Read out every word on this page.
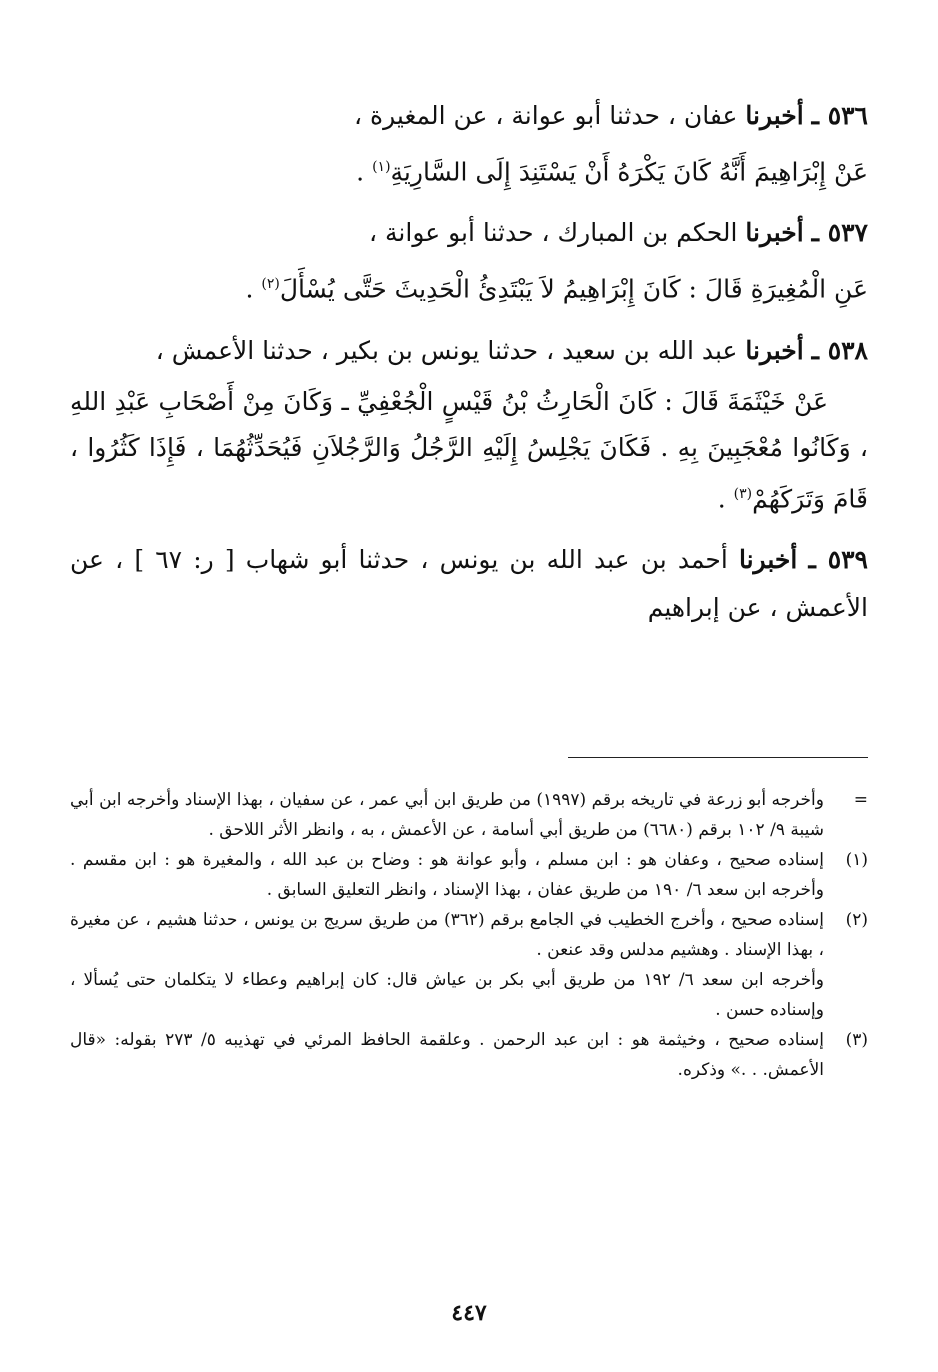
٥٣٦ ـ أخبرنا عفان ، حدثنا أبو عوانة ، عن المغيرة ،

عَنْ إِبْرَاهِيمَ أَنَّهُ كَانَ يَكْرَهُ أَنْ يَسْتَنِدَ إِلَى السَّارِيَةِ$^{(١)}$ .

٥٣٧ ـ أخبرنا الحكم بن المبارك ، حدثنا أبو عوانة ،

عَنِ الْمُغِيرَةِ قَالَ : كَانَ إِبْرَاهِيمُ لاَ يَبْتَدِئُ الْحَدِيثَ حَتَّى يُسْأَلَ$^{(٢)}$ .

٥٣٨ ـ أخبرنا عبد الله بن سعيد ، حدثنا يونس بن بكير ، حدثنا الأعمش ،

عَنْ خَيْثَمَةَ قَالَ : كَانَ الْحَارِثُ بْنُ قَيْسٍ الْجُعْفِيِّ ـ وَكَانَ مِنْ أَصْحَابِ عَبْدِ اللهِ ، وَكَانُوا مُعْجَبِينَ بِهِ . فَكَانَ يَجْلِسُ إِلَيْهِ الرَّجُلُ وَالرَّجُلاَنِ فَيُحَدِّثُهُمَا ، فَإِذَا كَثُرُوا ، قَامَ وَتَرَكَهُمْ$^{(٣)}$ .

٥٣٩ ـ أخبرنا أحمد بن عبد الله بن يونس ، حدثنا أبو شهاب [ ر: ٦٧ ] ، عن الأعمش ، عن إبراهيم

=

وأخرجه أبو زرعة في تاريخه برقم (١٩٩٧) من طريق ابن أبي عمر ، عن سفيان ، بهذا الإسناد وأخرجه ابن أبي شيبة ٩/ ١٠٢ برقم (٦٦٨٠) من طريق أبي أسامة ، عن الأعمش ، به ، وانظر الأثر اللاحق .

(١)

إسناده صحيح ، وعفان هو : ابن مسلم ، وأبو عوانة هو : وضاح بن عبد الله ، والمغيرة هو : ابن مقسم . وأخرجه ابن سعد ٦/ ١٩٠ من طريق عفان ، بهذا الإسناد ، وانظر التعليق السابق .

(٢)

إسناده صحيح ، وأخرج الخطيب في الجامع برقم (٣٦٢) من طريق سريج بن يونس ، حدثنا هشيم ، عن مغيرة ، بهذا الإسناد . وهشيم مدلس وقد عنعن .

وأخرجه ابن سعد ٦/ ١٩٢ من طريق أبي بكر بن عياش قال: كان إبراهيم وعطاء لا يتكلمان حتى يُسألا ، وإسناده حسن .

(٣)

إسناده صحيح ، وخيثمة هو : ابن عبد الرحمن . وعلقمة الحافظ المرئي في تهذيبه ٥/ ٢٧٣ بقوله: «قال الأعمش. . .» وذكره.

٤٤٧
